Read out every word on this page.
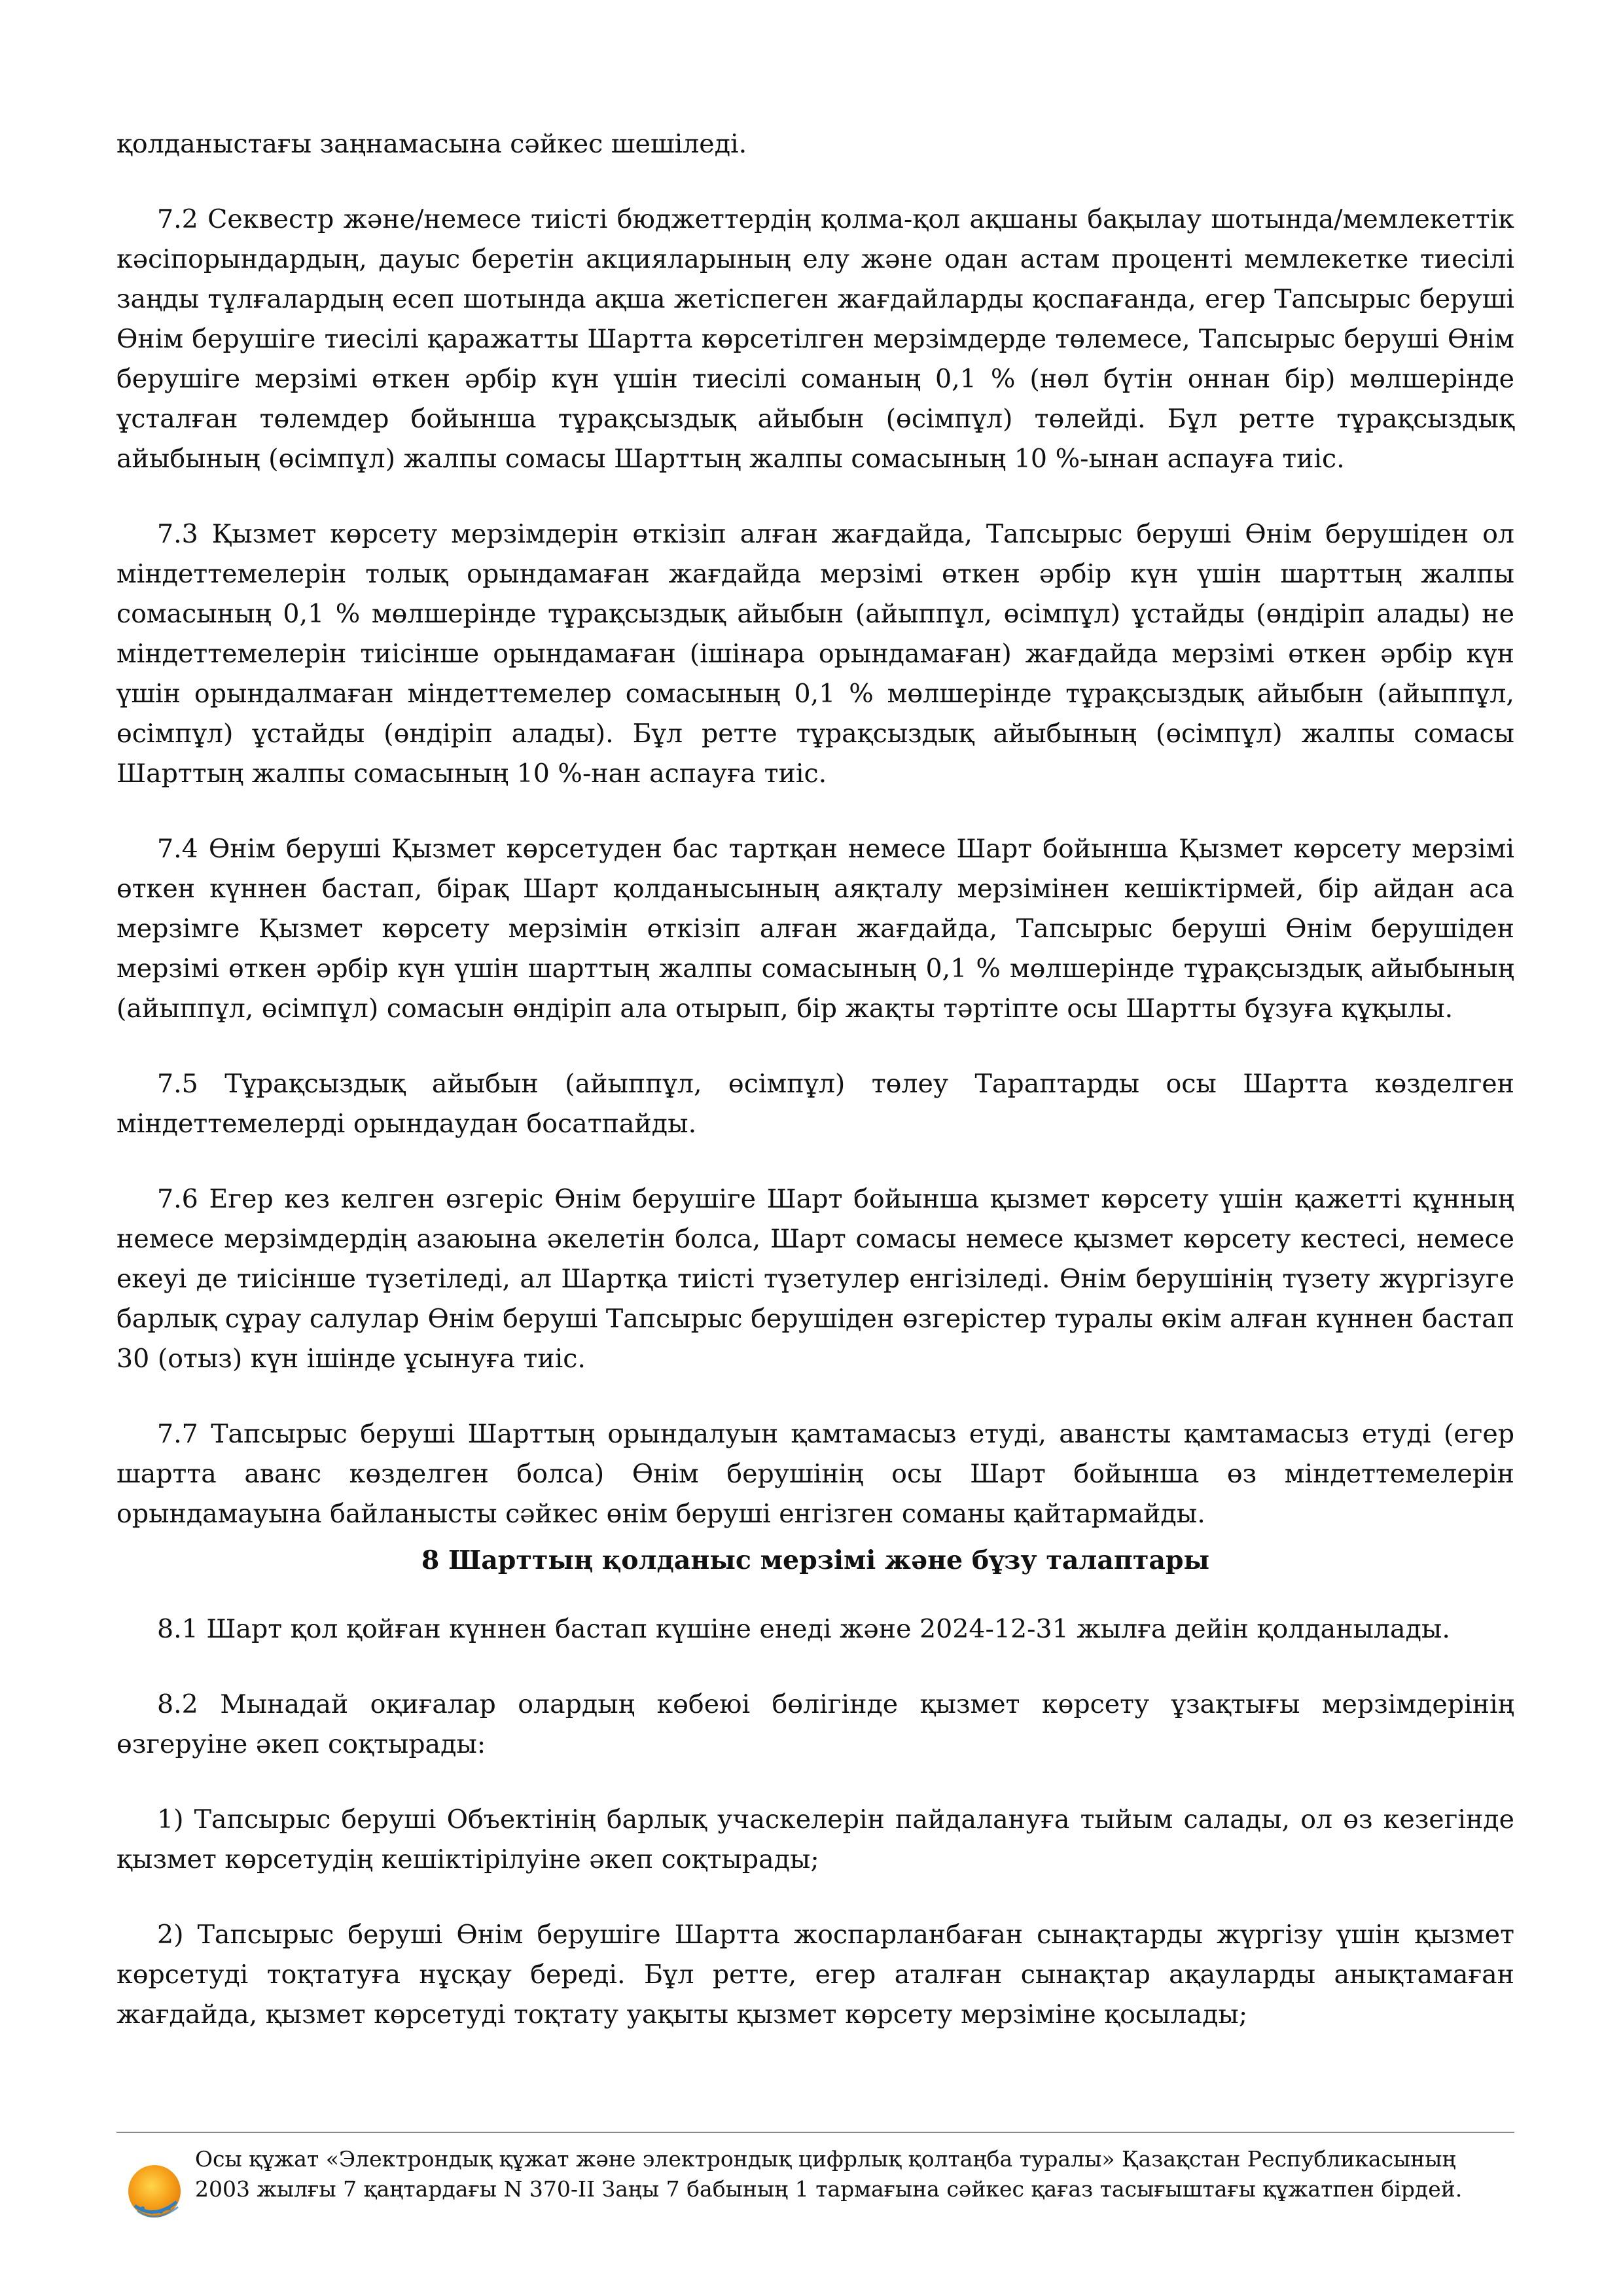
қолданыстағы заңнамасына сәйкес шешіледі.

7.2 Секвестр және/немесе тиісті бюджеттердің қолма-қол ақшаны бақылау шотында/мемлекеттік кәсіпорындардың, дауыс беретін акцияларының елу және одан астам проценті мемлекетке тиесілі заңды тұлғалардың есеп шотында ақша жетіспеген жағдайларды қоспағанда, егер Тапсырыс беруші Өнім берушіге тиесілі қаражатты Шартта көрсетілген мерзімдерде төлемесе, Тапсырыс беруші Өнім берушіге мерзімі өткен әрбір күн үшін тиесілі соманың 0,1 % (нөл бүтін оннан бір) мөлшерінде ұсталған төлемдер бойынша тұрақсыздық айыбын (өсімпұл) төлейді. Бұл ретте тұрақсыздық айыбының (өсімпұл) жалпы сомасы Шарттың жалпы сомасының 10 %-ынан аспауға тиіс.

7.3 Қызмет көрсету мерзімдерін өткізіп алған жағдайда, Тапсырыс беруші Өнім берушіден ол міндеттемелерін толық орындамаған жағдайда мерзімі өткен әрбір күн үшін шарттың жалпы сомасының 0,1 % мөлшерінде тұрақсыздық айыбын (айыппұл, өсімпұл) ұстайды (өндіріп алады) не міндеттемелерін тиісінше орындамаған (ішінара орындамаған) жағдайда мерзімі өткен әрбір күн үшін орындалмаған міндеттемелер сомасының 0,1 % мөлшерінде тұрақсыздық айыбын (айыппұл, өсімпұл) ұстайды (өндіріп алады). Бұл ретте тұрақсыздық айыбының (өсімпұл) жалпы сомасы Шарттың жалпы сомасының 10 %-нан аспауға тиіс.

7.4 Өнім беруші Қызмет көрсетуден бас тартқан немесе Шарт бойынша Қызмет көрсету мерзімі өткен күннен бастап, бірақ Шарт қолданысының аяқталу мерзімінен кешіктірмей, бір айдан аса мерзімге Қызмет көрсету мерзімін өткізіп алған жағдайда, Тапсырыс беруші Өнім берушіден мерзімі өткен әрбір күн үшін шарттың жалпы сомасының 0,1 % мөлшерінде тұрақсыздық айыбының (айыппұл, өсімпұл) сомасын өндіріп ала отырып, бір жақты тәртіпте осы Шартты бұзуға құқылы.

7.5 Тұрақсыздық айыбын (айыппұл, өсімпұл) төлеу Тараптарды осы Шартта көзделген міндеттемелерді орындаудан босатпайды.

7.6 Егер кез келген өзгеріс Өнім берушіге Шарт бойынша қызмет көрсету үшін қажетті құнның немесе мерзімдердің азаюына әкелетін болса, Шарт сомасы немесе қызмет көрсету кестесі, немесе екеуі де тиісінше түзетіледі, ал Шартқа тиісті түзетулер енгізіледі. Өнім берушінің түзету жүргізуге барлық сұрау салулар Өнім беруші Тапсырыс берушіден өзгерістер туралы өкім алған күннен бастап 30 (отыз) күн ішінде ұсынуға тиіс.

7.7 Тапсырыс беруші Шарттың орындалуын қамтамасыз етуді, авансты қамтамасыз етуді (егер шартта аванс көзделген болса) Өнім берушінің осы Шарт бойынша өз міндеттемелерін орындамауына байланысты сәйкес өнім беруші енгізген соманы қайтармайды.

8 Шарттың қолданыс мерзімі және бұзу талаптары

8.1 Шарт қол қойған күннен бастап күшіне енеді және 2024-12-31 жылға дейін қолданылады.

8.2 Мынадай оқиғалар олардың көбеюі бөлігінде қызмет көрсету ұзақтығы мерзімдерінің өзгеруіне әкеп соқтырады:

1) Тапсырыс беруші Объектінің барлық учаскелерін пайдалануға тыйым салады, ол өз кезегінде қызмет көрсетудің кешіктірілуіне әкеп соқтырады;

2) Тапсырыс беруші Өнім берушіге Шартта жоспарланбаған сынақтарды жүргізу үшін қызмет көрсетуді тоқтатуға нұсқау береді. Бұл ретте, егер аталған сынақтар ақауларды анықтамаған жағдайда, қызмет көрсетуді тоқтату уақыты қызмет көрсету мерзіміне қосылады;

Осы құжат «Электрондық құжат және электрондық цифрлық қолтаңба туралы» Қазақстан Республикасының 2003 жылғы 7 қаңтардағы N 370-II Заңы 7 бабының 1 тармағына сәйкес қағаз тасығыштағы құжатпен бірдей.
